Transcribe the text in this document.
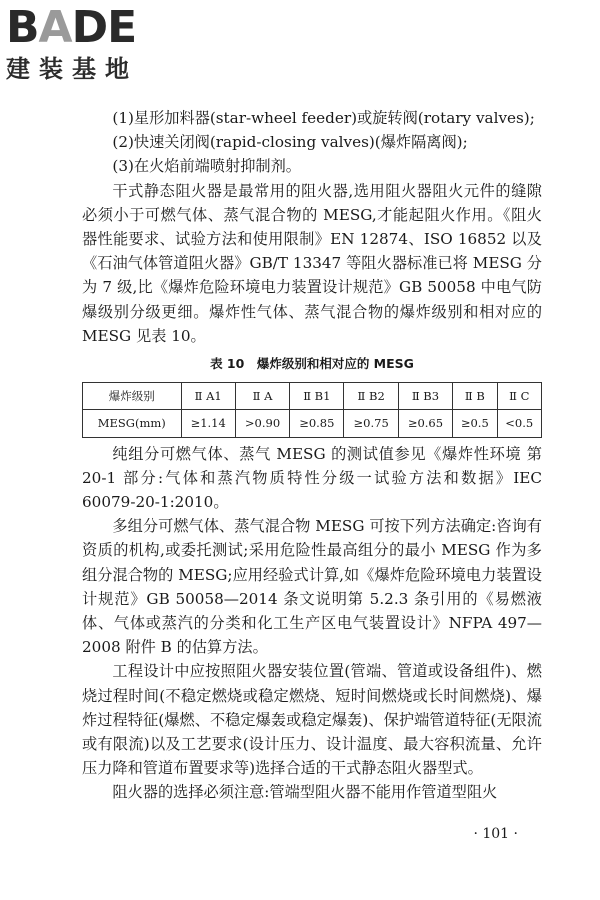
BADE
建装基地

(1)星形加料器(star-wheel feeder)或旋转阀(rotary valves);

(2)快速关闭阀(rapid-closing valves)(爆炸隔离阀);

(3)在火焰前端喷射抑制剂。

干式静态阻火器是最常用的阻火器,选用阻火器阻火元件的缝隙必须小于可燃气体、蒸气混合物的 MESG,才能起阻火作用。《阻火器性能要求、试验方法和使用限制》EN 12874、ISO 16852 以及《石油气体管道阻火器》GB/T 13347 等阻火器标准已将 MESG 分为 7 级,比《爆炸危险环境电力装置设计规范》GB 50058 中电气防爆级别分级更细。爆炸性气体、蒸气混合物的爆炸级别和相对应的 MESG 见表 10。

表 10　爆炸级别和相对应的 MESG
爆炸级别	Ⅱ A1	Ⅱ A	Ⅱ B1	Ⅱ B2	Ⅱ B3	Ⅱ B	Ⅱ C
MESG(mm)	≥1.14	>0.90	≥0.85	≥0.75	≥0.65	≥0.5	<0.5

纯组分可燃气体、蒸气 MESG 的测试值参见《爆炸性环境 第 20-1 部分:气体和蒸汽物质特性分级一试验方法和数据》IEC 60079-20-1:2010。

多组分可燃气体、蒸气混合物 MESG 可按下列方法确定:咨询有资质的机构,或委托测试;采用危险性最高组分的最小 MESG 作为多组分混合物的 MESG;应用经验式计算,如《爆炸危险环境电力装置设计规范》GB 50058—2014 条文说明第 5.2.3 条引用的《易燃液体、气体或蒸汽的分类和化工生产区电气装置设计》NFPA 497—2008 附件 B 的估算方法。

工程设计中应按照阻火器安装位置(管端、管道或设备组件)、燃烧过程时间(不稳定燃烧或稳定燃烧、短时间燃烧或长时间燃烧)、爆炸过程特征(爆燃、不稳定爆轰或稳定爆轰)、保护端管道特征(无限流或有限流)以及工艺要求(设计压力、设计温度、最大容积流量、允许压力降和管道布置要求等)选择合适的干式静态阻火器型式。

阻火器的选择必须注意:管端型阻火器不能用作管道型阻火

· 101 ·
